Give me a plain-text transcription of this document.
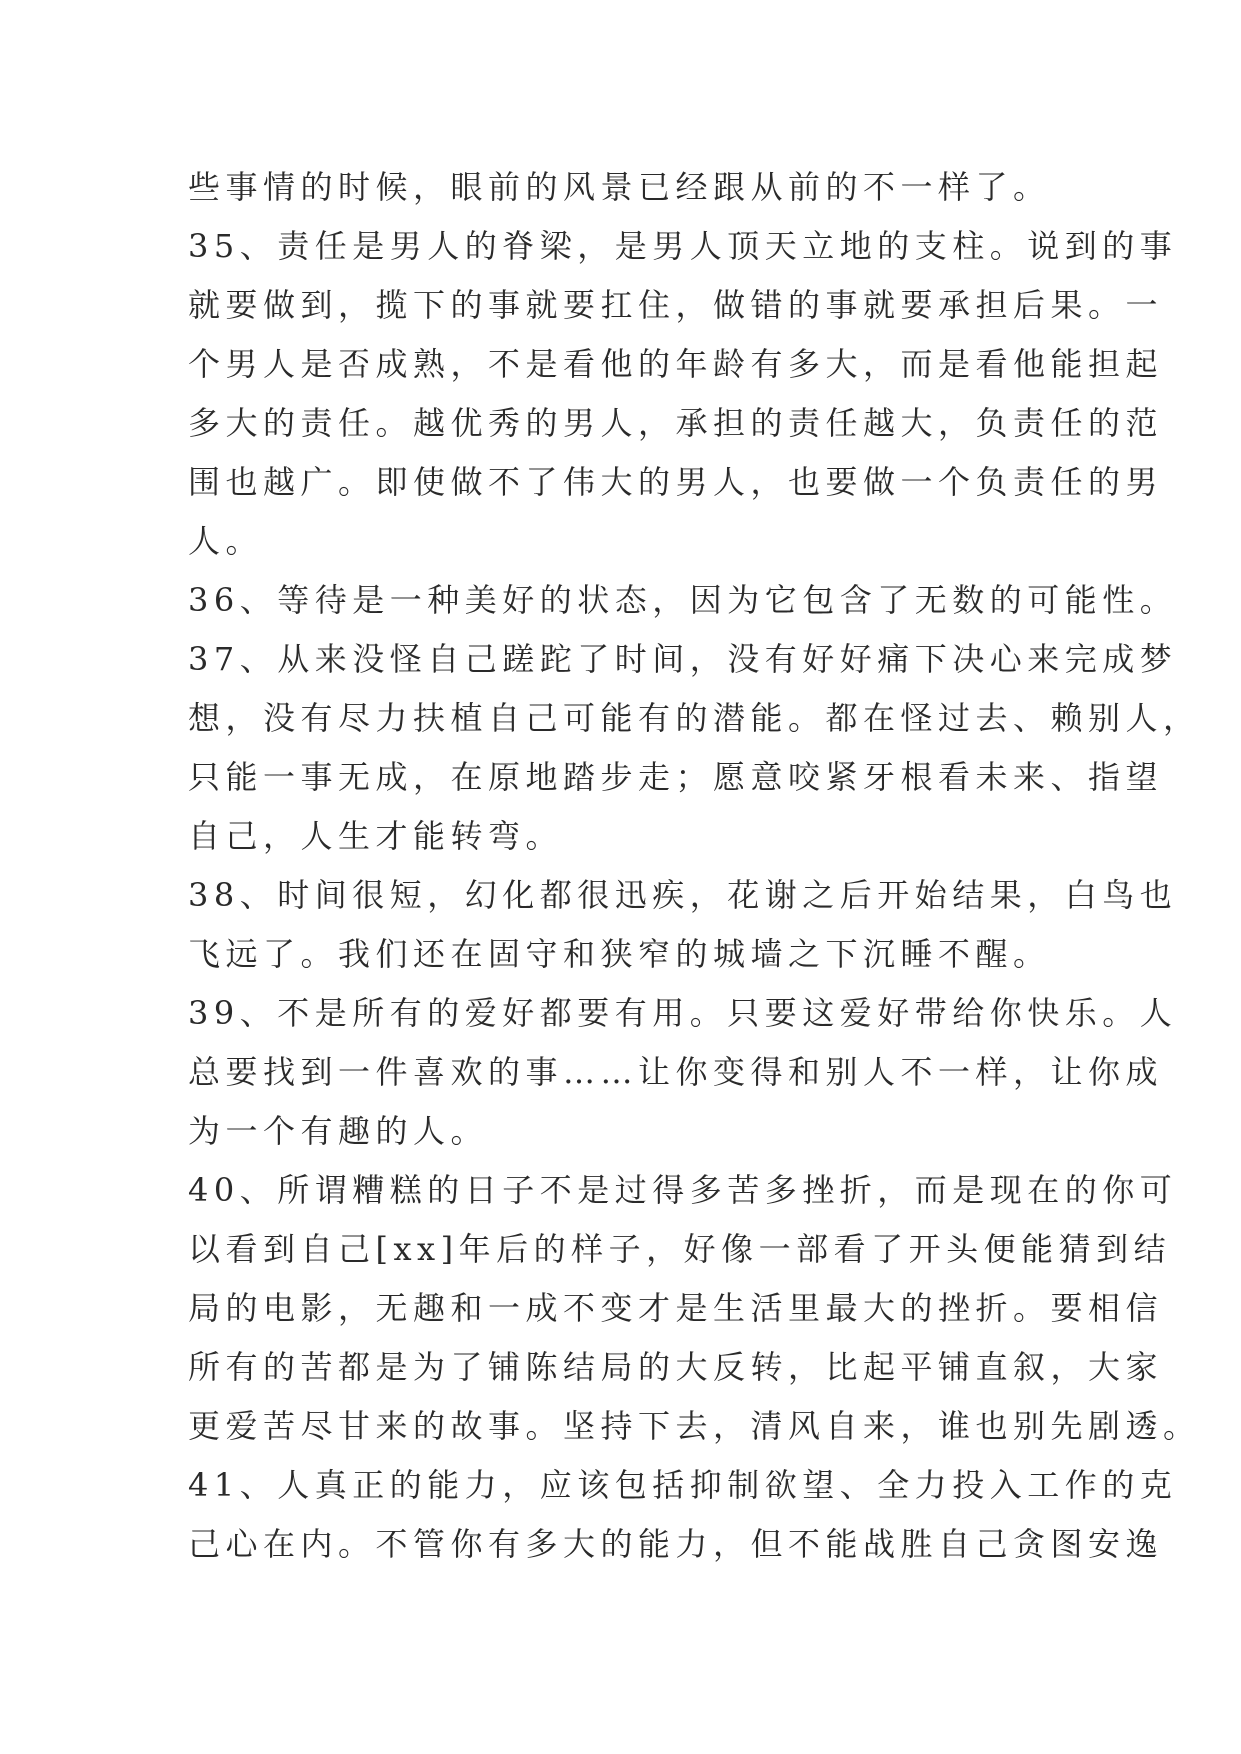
些事情的时候，眼前的风景已经跟从前的不一样了。
35、责任是男人的脊梁，是男人顶天立地的支柱。说到的事
就要做到，揽下的事就要扛住，做错的事就要承担后果。一
个男人是否成熟，不是看他的年龄有多大，而是看他能担起
多大的责任。越优秀的男人，承担的责任越大，负责任的范
围也越广。即使做不了伟大的男人，也要做一个负责任的男
人。
36、等待是一种美好的状态，因为它包含了无数的可能性。
37、从来没怪自己蹉跎了时间，没有好好痛下决心来完成梦
想，没有尽力扶植自己可能有的潜能。都在怪过去、赖别人，
只能一事无成，在原地踏步走；愿意咬紧牙根看未来、指望
自己，人生才能转弯。
38、时间很短，幻化都很迅疾，花谢之后开始结果，白鸟也
飞远了。我们还在固守和狭窄的城墙之下沉睡不醒。
39、不是所有的爱好都要有用。只要这爱好带给你快乐。人
总要找到一件喜欢的事……让你变得和别人不一样，让你成
为一个有趣的人。
40、所谓糟糕的日子不是过得多苦多挫折，而是现在的你可
以看到自己[xx]年后的样子，好像一部看了开头便能猜到结
局的电影，无趣和一成不变才是生活里最大的挫折。要相信
所有的苦都是为了铺陈结局的大反转，比起平铺直叙，大家
更爱苦尽甘来的故事。坚持下去，清风自来，谁也别先剧透。
41、人真正的能力，应该包括抑制欲望、全力投入工作的克
己心在内。不管你有多大的能力，但不能战胜自己贪图安逸
